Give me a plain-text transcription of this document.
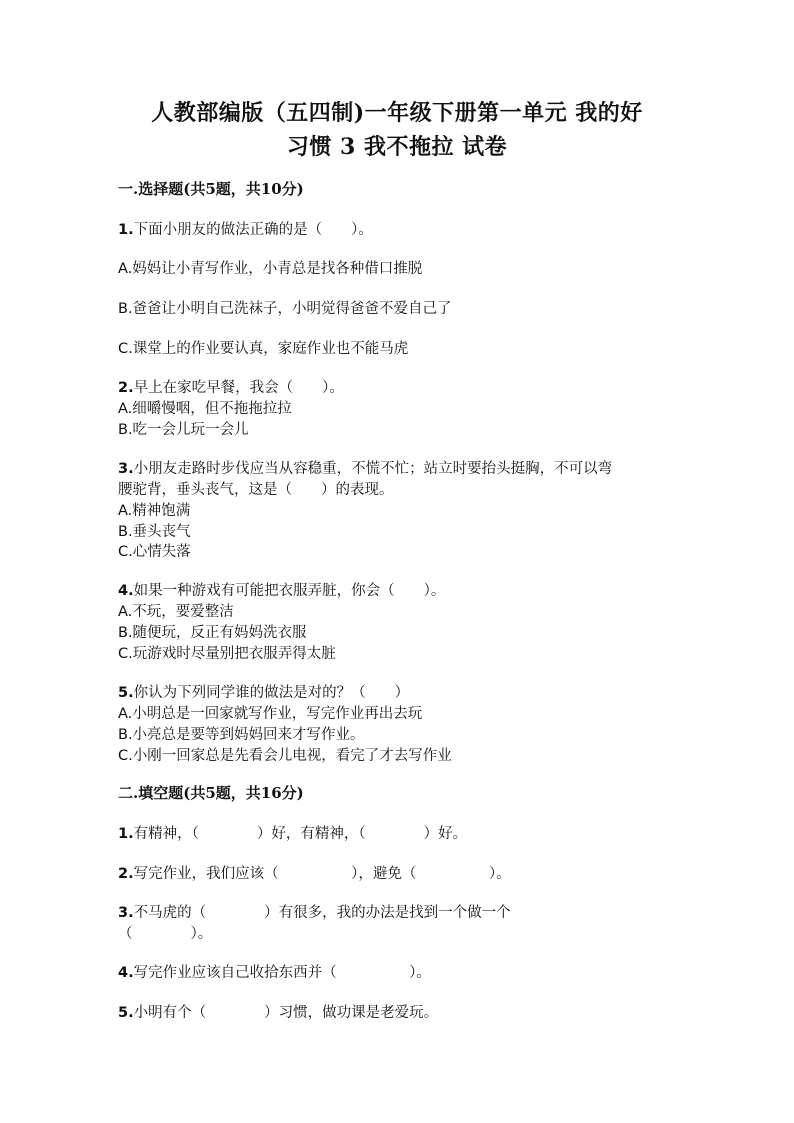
人教部编版（五四制)一年级下册第一单元 我的好
习惯 3 我不拖拉 试卷
一.选择题(共5题，共10分)
1.下面小朋友的做法正确的是（　　）。
A.妈妈让小青写作业，小青总是找各种借口推脱
B.爸爸让小明自己洗袜子，小明觉得爸爸不爱自己了
C.课堂上的作业要认真，家庭作业也不能马虎
2.早上在家吃早餐，我会（　　）。
A.细嚼慢咽，但不拖拖拉拉
B.吃一会儿玩一会儿
3.小朋友走路时步伐应当从容稳重，不慌不忙；站立时要抬头挺胸，不可以弯
腰驼背，垂头丧气，这是（　　）的表现。
A.精神饱满
B.垂头丧气
C.心情失落
4.如果一种游戏有可能把衣服弄脏，你会（　　）。
A.不玩，要爱整洁
B.随便玩，反正有妈妈洗衣服
C.玩游戏时尽量别把衣服弄得太脏
5.你认为下列同学谁的做法是对的？（　　）
A.小明总是一回家就写作业，写完作业再出去玩
B.小亮总是要等到妈妈回来才写作业。
C.小刚一回家总是先看会儿电视，看完了才去写作业
二.填空题(共5题，共16分)
1.有精神，（　　　　）好，有精神，（　　　　）好。
2.写完作业，我们应该（　　　　　），避免（　　　　　）。
3.不马虎的（　　　　）有很多，我的办法是找到一个做一个
（　　　　）。
4.写完作业应该自己收拾东西并（　　　　　）。
5.小明有个（　　　　）习惯，做功课是老爱玩。
